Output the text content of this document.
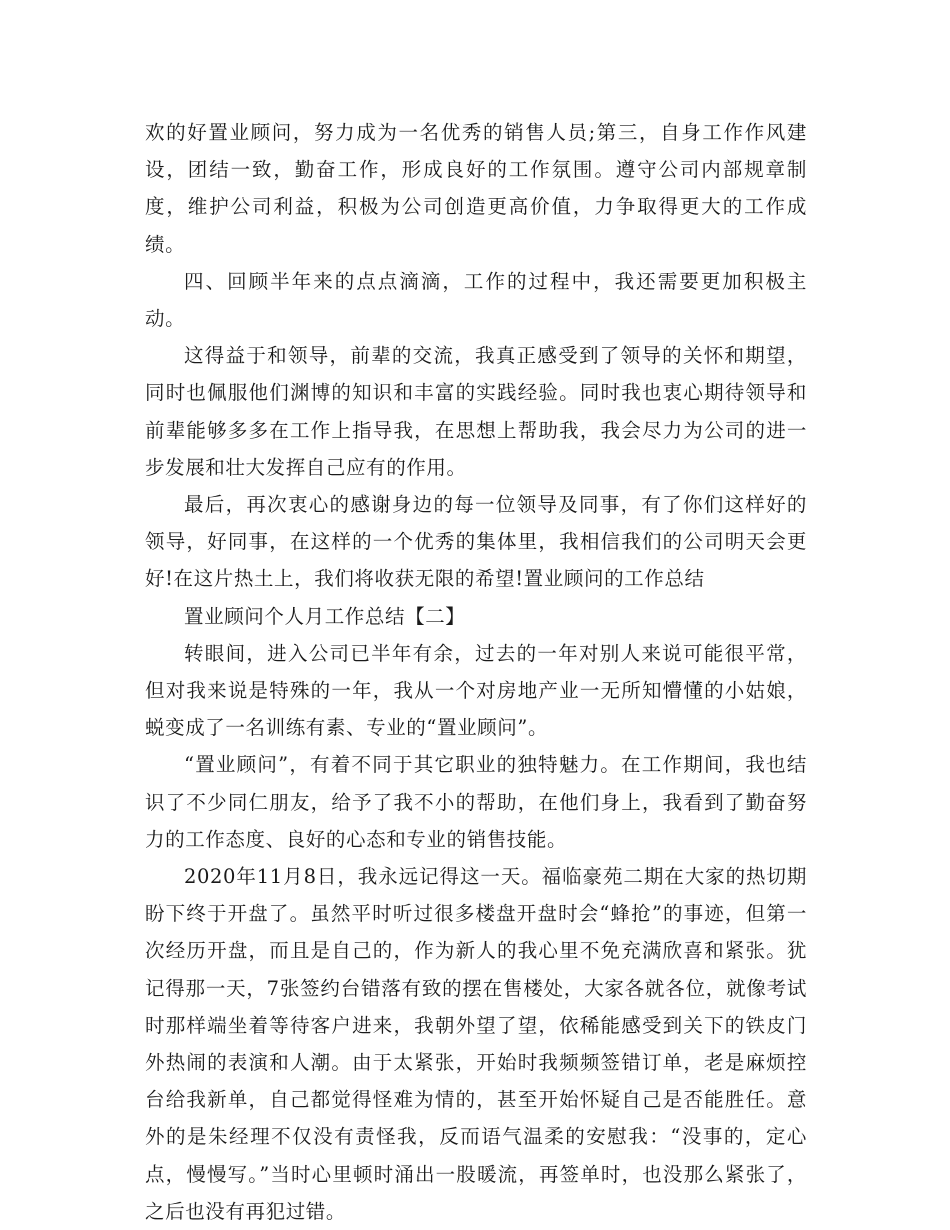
欢的好置业顾问，努力成为一名优秀的销售人员;第三，自身工作作风建设，团结一致，勤奋工作，形成良好的工作氛围。遵守公司内部规章制度，维护公司利益，积极为公司创造更高价值，力争取得更大的工作成绩。

四、回顾半年来的点点滴滴，工作的过程中，我还需要更加积极主动。

这得益于和领导，前辈的交流，我真正感受到了领导的关怀和期望，同时也佩服他们渊博的知识和丰富的实践经验。同时我也衷心期待领导和前辈能够多多在工作上指导我，在思想上帮助我，我会尽力为公司的进一步发展和壮大发挥自己应有的作用。

最后，再次衷心的感谢身边的每一位领导及同事，有了你们这样好的领导，好同事，在这样的一个优秀的集体里，我相信我们的公司明天会更好!在这片热土上，我们将收获无限的希望!置业顾问的工作总结

置业顾问个人月工作总结【二】

转眼间，进入公司已半年有余，过去的一年对别人来说可能很平常，但对我来说是特殊的一年，我从一个对房地产业一无所知懵懂的小姑娘，蜕变成了一名训练有素、专业的“置业顾问”。

“置业顾问”，有着不同于其它职业的独特魅力。在工作期间，我也结识了不少同仁朋友，给予了我不小的帮助，在他们身上，我看到了勤奋努力的工作态度、良好的心态和专业的销售技能。

2020年11月8日，我永远记得这一天。福临豪苑二期在大家的热切期盼下终于开盘了。虽然平时听过很多楼盘开盘时会“蜂抢”的事迹，但第一次经历开盘，而且是自己的，作为新人的我心里不免充满欣喜和紧张。犹记得那一天，7张签约台错落有致的摆在售楼处，大家各就各位，就像考试时那样端坐着等待客户进来，我朝外望了望，依稀能感受到关下的铁皮门外热闹的表演和人潮。由于太紧张，开始时我频频签错订单，老是麻烦控台给我新单，自己都觉得怪难为情的，甚至开始怀疑自己是否能胜任。意外的是朱经理不仅没有责怪我，反而语气温柔的安慰我：“没事的，定心点，慢慢写。”当时心里顿时涌出一股暖流，再签单时，也没那么紧张了，之后也没有再犯过错。
